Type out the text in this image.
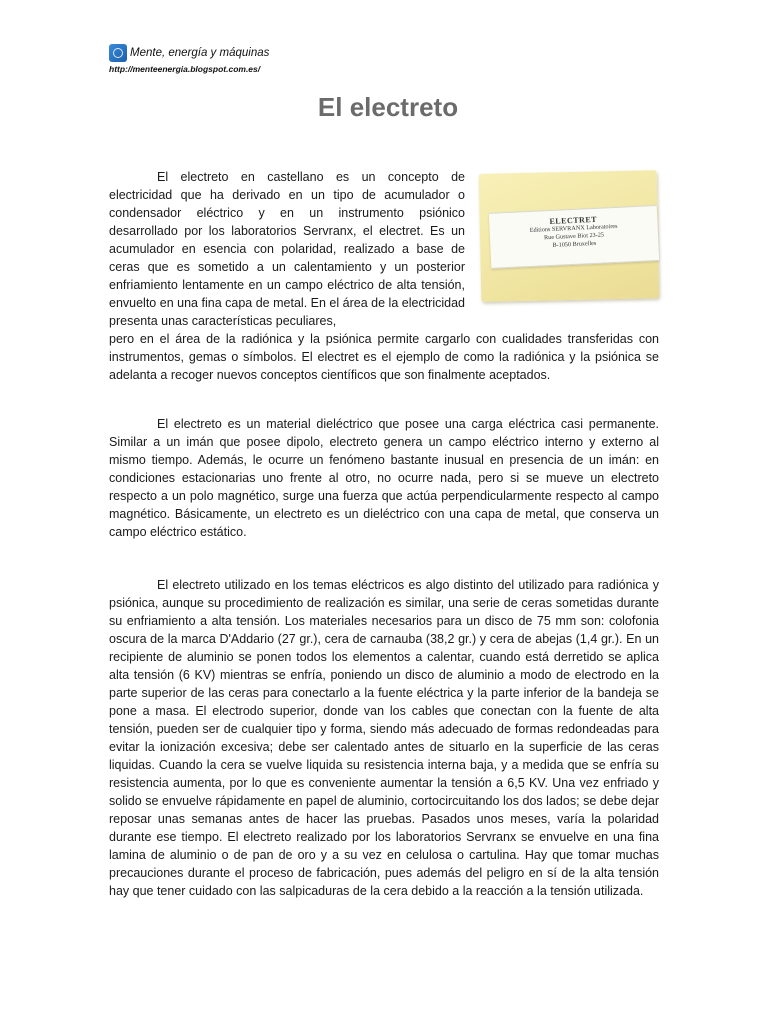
Mente, energía y máquinas
http://menteenergia.blogspot.com.es/
El electreto
ELECTRET
Editions SERVRANX Laboratoires
Rue Gustave Biot 23-25
B-1050 Bruxelles

El electreto en castellano es un concepto de electricidad que ha derivado en un tipo de acumulador o condensador eléctrico y en un instrumento psiónico desarrollado por los laboratorios Servranx, el electret. Es un acumulador en esencia con polaridad, realizado a base de ceras que es sometido a un calentamiento y un posterior enfriamiento lentamente en un campo eléctrico de alta tensión, envuelto en una fina capa de metal. En el área de la electricidad presenta unas características peculiares,

pero en el área de la radiónica y la psiónica permite cargarlo con cualidades transferidas con instrumentos, gemas o símbolos. El electret es el ejemplo de como la radiónica y la psiónica se adelanta a recoger nuevos conceptos científicos que son finalmente aceptados.

El electreto es un material dieléctrico que posee una carga eléctrica casi permanente. Similar a un imán que posee dipolo, electreto genera un campo eléctrico interno y externo al mismo tiempo. Además, le ocurre un fenómeno bastante inusual en presencia de un imán: en condiciones estacionarias uno frente al otro, no ocurre nada, pero si se mueve un electreto respecto a un polo magnético, surge una fuerza que actúa perpendicularmente respecto al campo magnético. Básicamente, un electreto es un dieléctrico con una capa de metal, que conserva un campo eléctrico estático.

El electreto utilizado en los temas eléctricos es algo distinto del utilizado para radiónica y psiónica, aunque su procedimiento de realización es similar, una serie de ceras sometidas durante su enfriamiento a alta tensión. Los materiales necesarios para un disco de 75 mm son: colofonia oscura de la marca D'Addario (27 gr.), cera de carnauba (38,2 gr.) y cera de abejas (1,4 gr.). En un recipiente de aluminio se ponen todos los elementos a calentar, cuando está derretido se aplica alta tensión (6 KV) mientras se enfría, poniendo un disco de aluminio a modo de electrodo en la parte superior de las ceras para conectarlo a la fuente eléctrica y la parte inferior de la bandeja se pone a masa. El electrodo superior, donde van los cables que conectan con la fuente de alta tensión, pueden ser de cualquier tipo y forma, siendo más adecuado de formas redondeadas para evitar la ionización excesiva; debe ser calentado antes de situarlo en la superficie de las ceras liquidas. Cuando la cera se vuelve liquida su resistencia interna baja, y a medida que se enfría su resistencia aumenta, por lo que es conveniente aumentar la tensión a 6,5 KV. Una vez enfriado y solido se envuelve rápidamente en papel de aluminio, cortocircuitando los dos lados; se debe dejar reposar unas semanas antes de hacer las pruebas. Pasados unos meses, varía la polaridad durante ese tiempo. El electreto realizado por los laboratorios Servranx se envuelve en una fina lamina de aluminio o de pan de oro y a su vez en celulosa o cartulina. Hay que tomar muchas precauciones durante el proceso de fabricación, pues además del peligro en sí de la alta tensión hay que tener cuidado con las salpicaduras de la cera debido a la reacción a la tensión utilizada.
